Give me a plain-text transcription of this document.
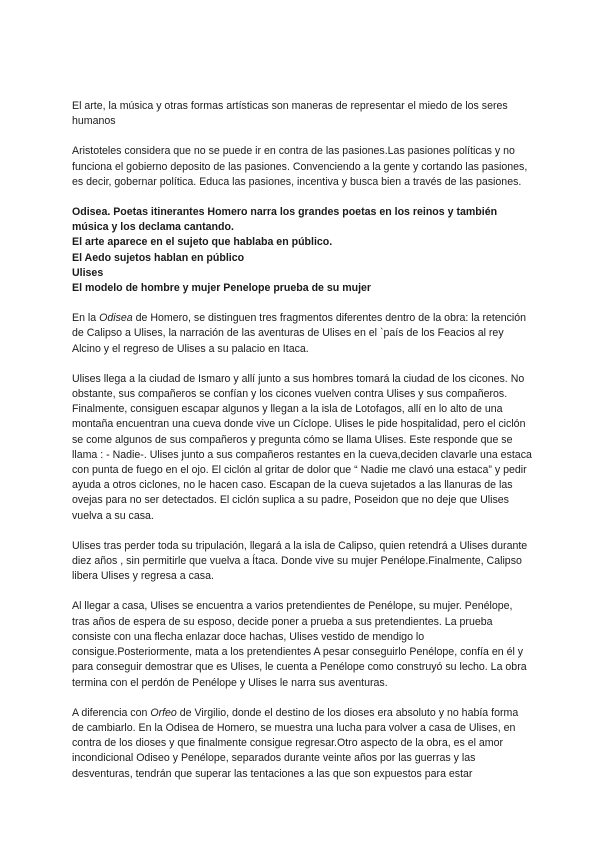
El arte, la música y otras formas artísticas son maneras de representar el miedo de los seres humanos

Aristoteles considera que no se puede ir en contra de las pasiones.Las pasiones políticas y no funciona el gobierno deposito de las pasiones. Convenciendo a la gente y cortando las pasiones, es decir, gobernar política. Educa las pasiones, incentiva y busca bien a través de las pasiones.

Odisea. Poetas itinerantes Homero narra los grandes poetas en los reinos y también música y los declama cantando.
El arte aparece en el sujeto que hablaba en público.
El Aedo sujetos hablan en público
Ulises
El modelo de hombre y mujer Penelope prueba de su mujer

En la Odisea de Homero, se distinguen tres fragmentos diferentes dentro de la obra: la retención de Calipso a Ulises, la narración de las aventuras de Ulises en el `país de los Feacios al rey Alcino y el regreso de Ulises a su palacio en Itaca.

Ulises llega a la ciudad de Ismaro y allí junto a sus hombres tomará la ciudad de los cicones. No obstante, sus compañeros se confían y los cicones vuelven contra Ulises y sus compañeros. Finalmente, consiguen escapar algunos y llegan a la isla de Lotofagos, allí en lo alto de una montaña encuentran una cueva donde vive un Cíclope. Ulises le pide hospitalidad, pero el ciclón se come algunos de sus compañeros y pregunta cómo se llama Ulises. Este responde que se llama : - Nadie-. Ulises junto a sus compañeros restantes en la cueva,deciden clavarle una estaca con punta de fuego en el ojo. El ciclón al gritar de dolor que “ Nadie me clavó una estaca” y pedir ayuda a otros ciclones, no le hacen caso. Escapan de la cueva sujetados a las llanuras de las ovejas para no ser detectados. El ciclón suplica a su padre, Poseidon que no deje que Ulises vuelva a su casa.

Ulises tras perder toda su tripulación, llegará a la isla de Calipso, quien retendrá a Ulises durante diez años , sin permitirle que vuelva a Ítaca. Donde vive su mujer Penélope.Finalmente, Calipso libera Ulises y regresa a casa.

Al llegar a casa, Ulises se encuentra a varios pretendientes de Penélope, su mujer. Penélope, tras años de espera de su esposo, decide poner a prueba a sus pretendientes. La prueba consiste con una flecha enlazar doce hachas, Ulises vestido de mendigo lo consigue.Posteriormente, mata a los pretendientes A pesar conseguirlo Penélope, confía en él y para conseguir demostrar que es Ulises, le cuenta a Penélope como construyó su lecho. La obra termina con el perdón de Penélope y Ulises le narra sus aventuras.

A diferencia con Orfeo de Virgilio, donde el destino de los dioses era absoluto y no había forma de cambiarlo. En la Odisea de Homero, se muestra una lucha para volver a casa de Ulises, en contra de los dioses y que finalmente consigue regresar.Otro aspecto de la obra, es el amor incondicional Odiseo y Penélope, separados durante veinte años por las guerras y las desventuras, tendrán que superar las tentaciones a las que son expuestos para estar
